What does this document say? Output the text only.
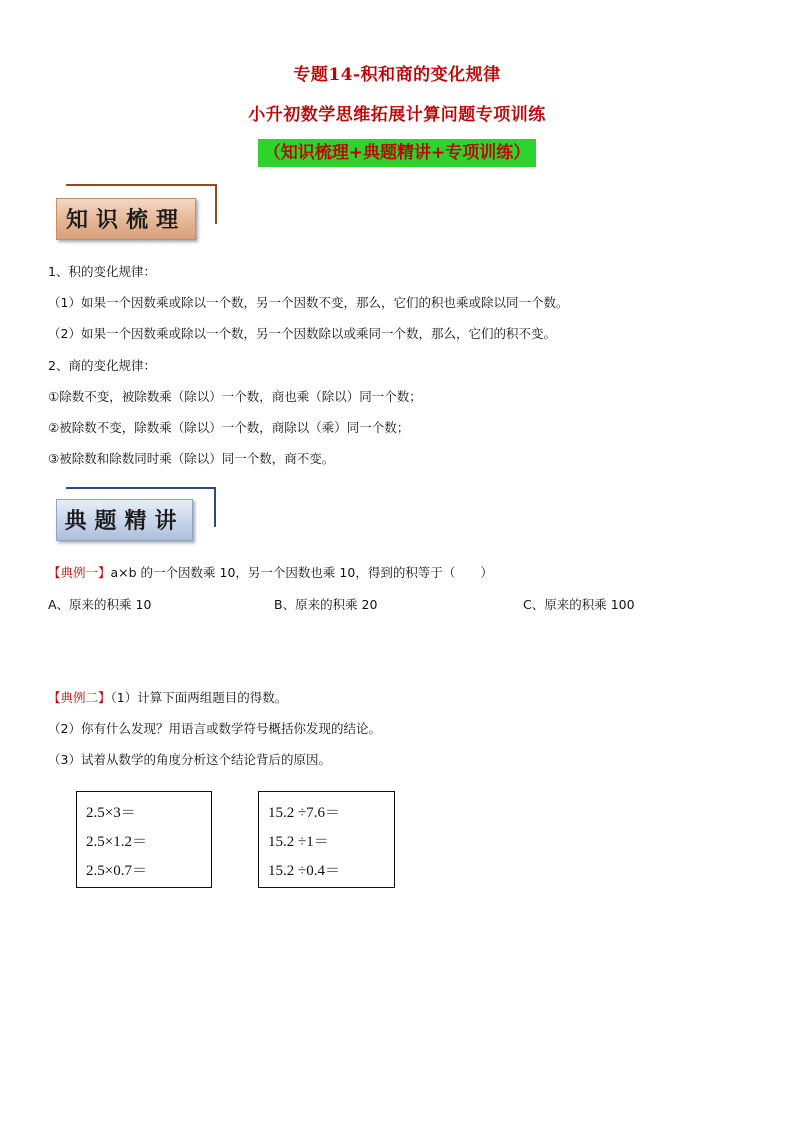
专题14-积和商的变化规律
小升初数学思维拓展计算问题专项训练
（知识梳理+典题精讲+专项训练）
知识梳理
1、积的变化规律：
（1）如果一个因数乘或除以一个数，另一个因数不变，那么，它们的积也乘或除以同一个数。
（2）如果一个因数乘或除以一个数，另一个因数除以或乘同一个数，那么，它们的积不变。
2、商的变化规律：
①除数不变，被除数乘（除以）一个数，商也乘（除以）同一个数；
②被除数不变，除数乘（除以）一个数，商除以（乘）同一个数；
③被除数和除数同时乘（除以）同一个数，商不变。
典题精讲
【典例一】a×b 的一个因数乘 10，另一个因数也乘 10，得到的积等于（　　）
A、原来的积乘 10	B、原来的积乘 20	C、原来的积乘 100
【典例二】（1）计算下面两组题目的得数。
（2）你有什么发现？用语言或数学符号概括你发现的结论。
（3）试着从数学的角度分析这个结论背后的原因。
2.5×3＝
2.5×1.2＝
2.5×0.7＝
15.2 ÷7.6＝
15.2 ÷1＝
15.2 ÷0.4＝
